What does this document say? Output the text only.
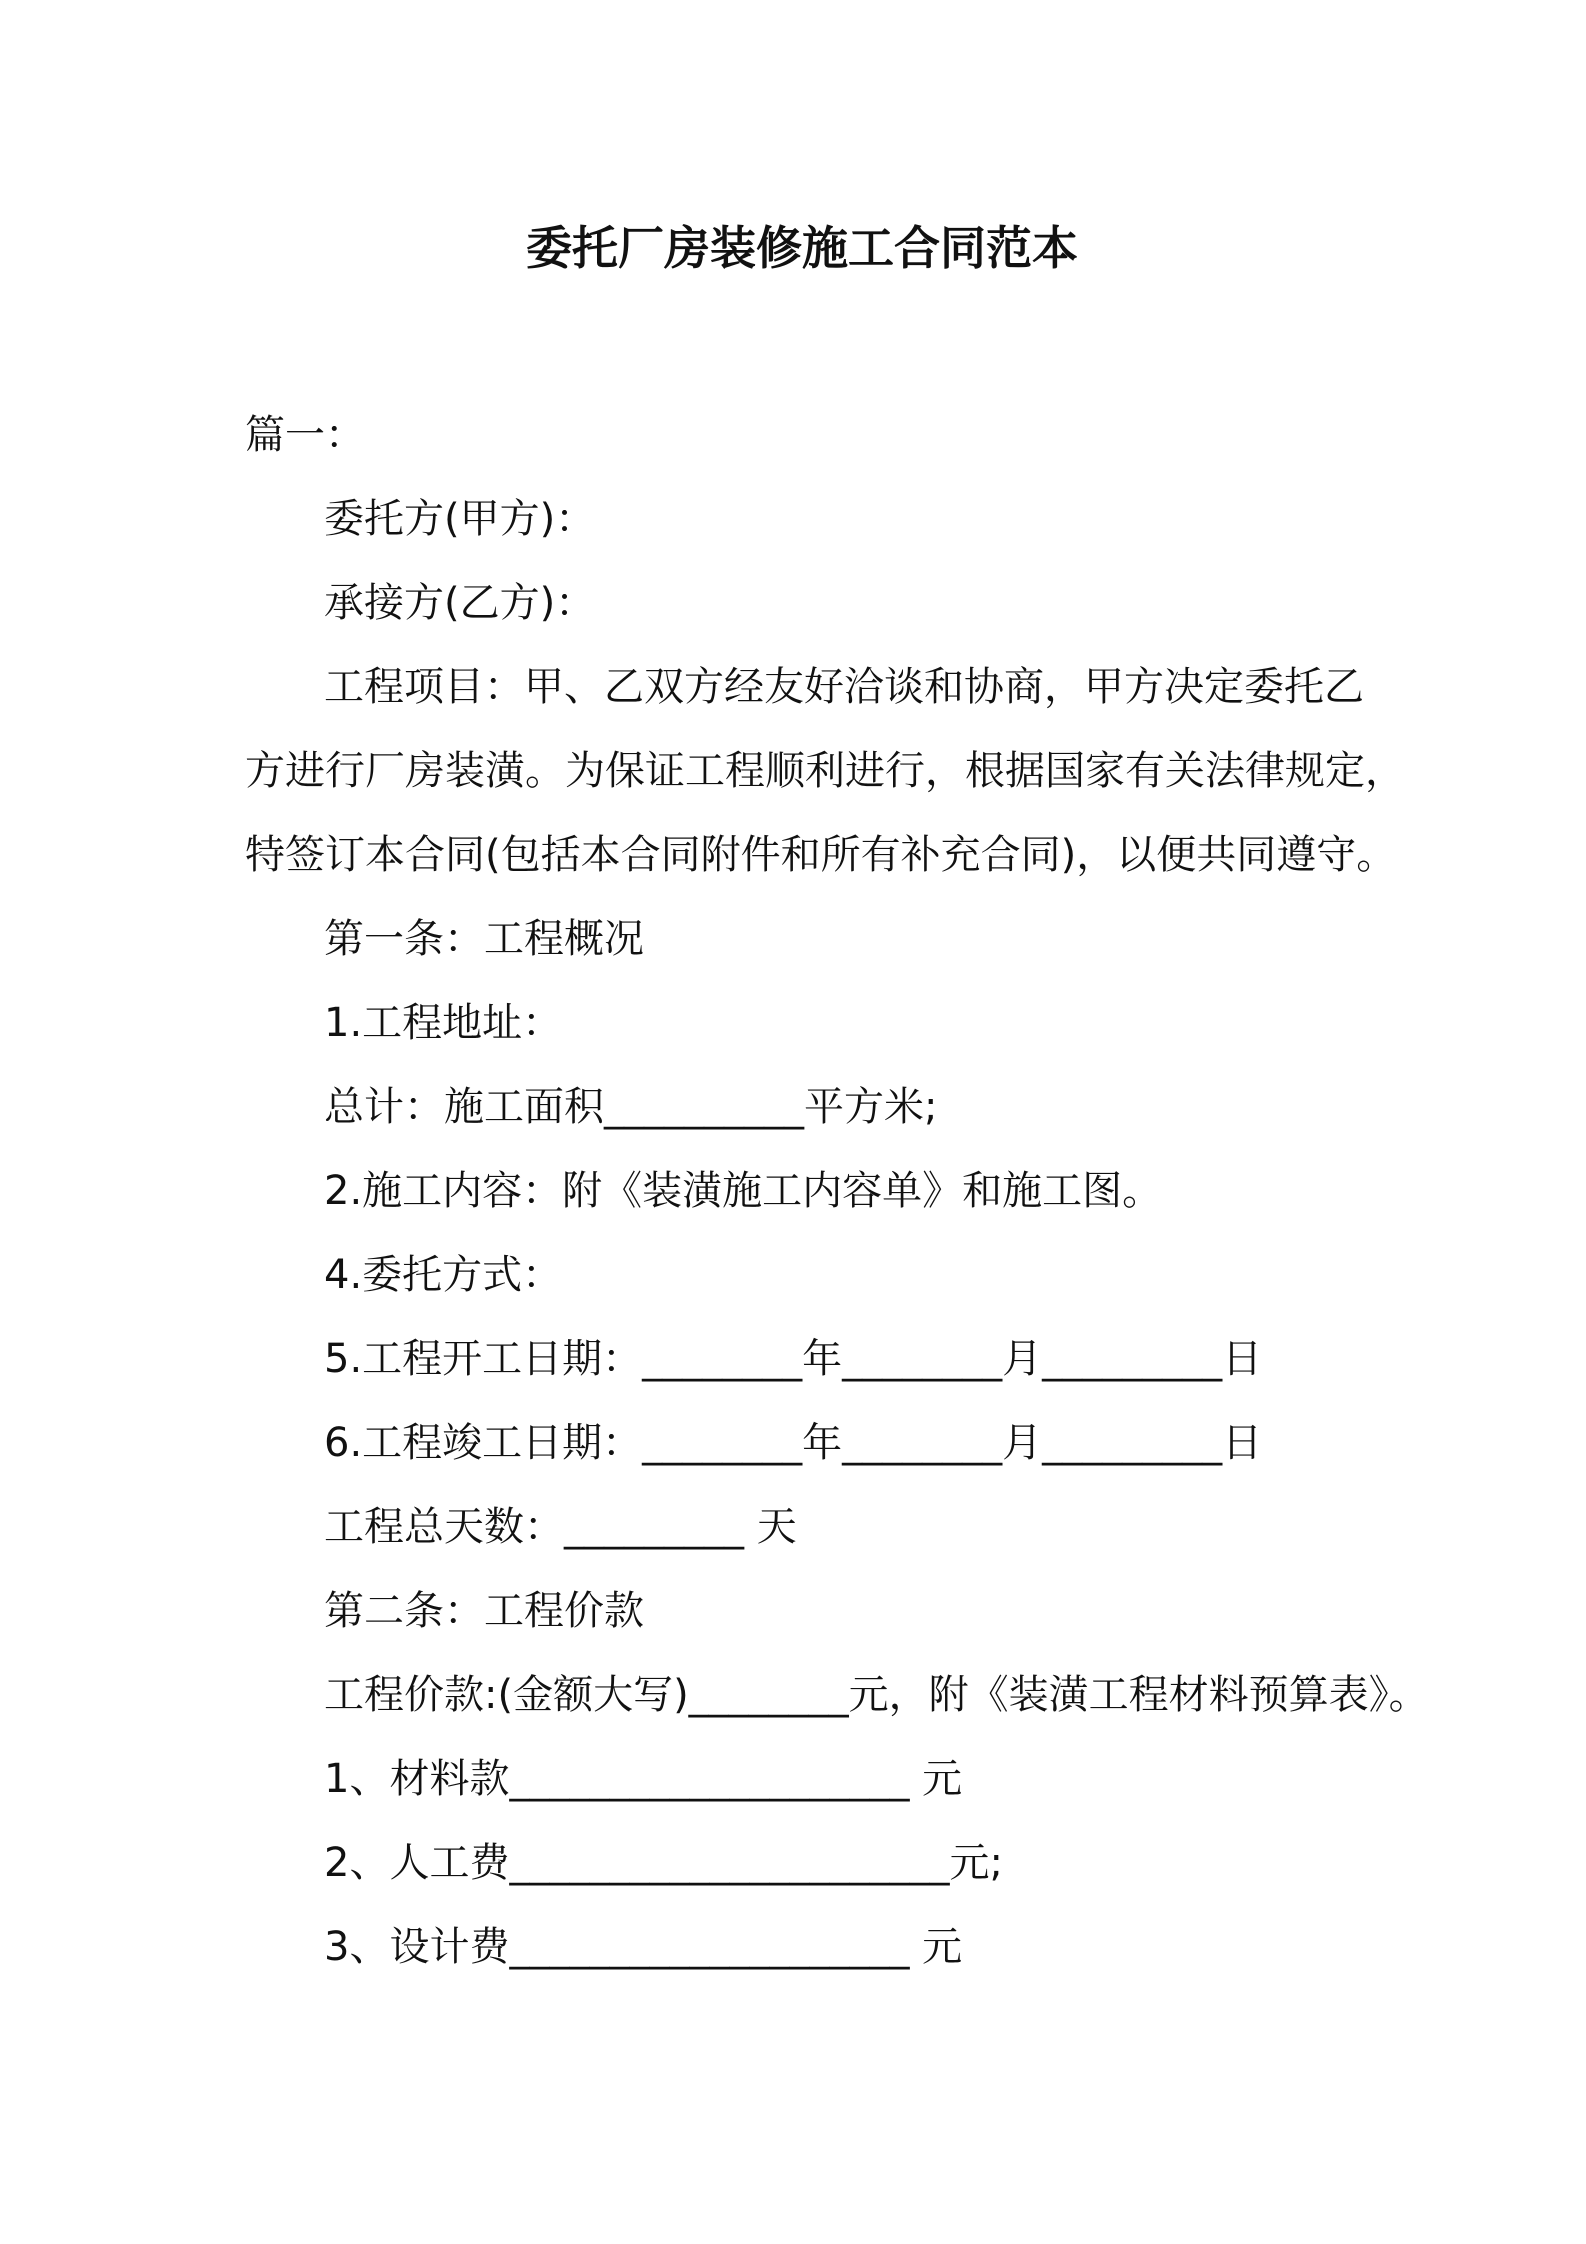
委托厂房装修施工合同范本
篇一：
委托方(甲方)：
承接方(乙方)：
工程项目：甲、乙双方经友好洽谈和协商，甲方决定委托乙
方进行厂房装潢。为保证工程顺利进行，根据国家有关法律规定，
特签订本合同(包括本合同附件和所有补充合同)，以便共同遵守。
第一条：工程概况
1.工程地址：
总计：施工面积__________平方米;
2.施工内容：附《装潢施工内容单》和施工图。
4.委托方式：
5.工程开工日期：________年________月_________日
6.工程竣工日期：________年________月_________日
工程总天数：_________ 天
第二条：工程价款
工程价款:(金额大写)________元，附《装潢工程材料预算表》。
1、材料款____________________ 元
2、人工费______________________元;
3、设计费____________________ 元
